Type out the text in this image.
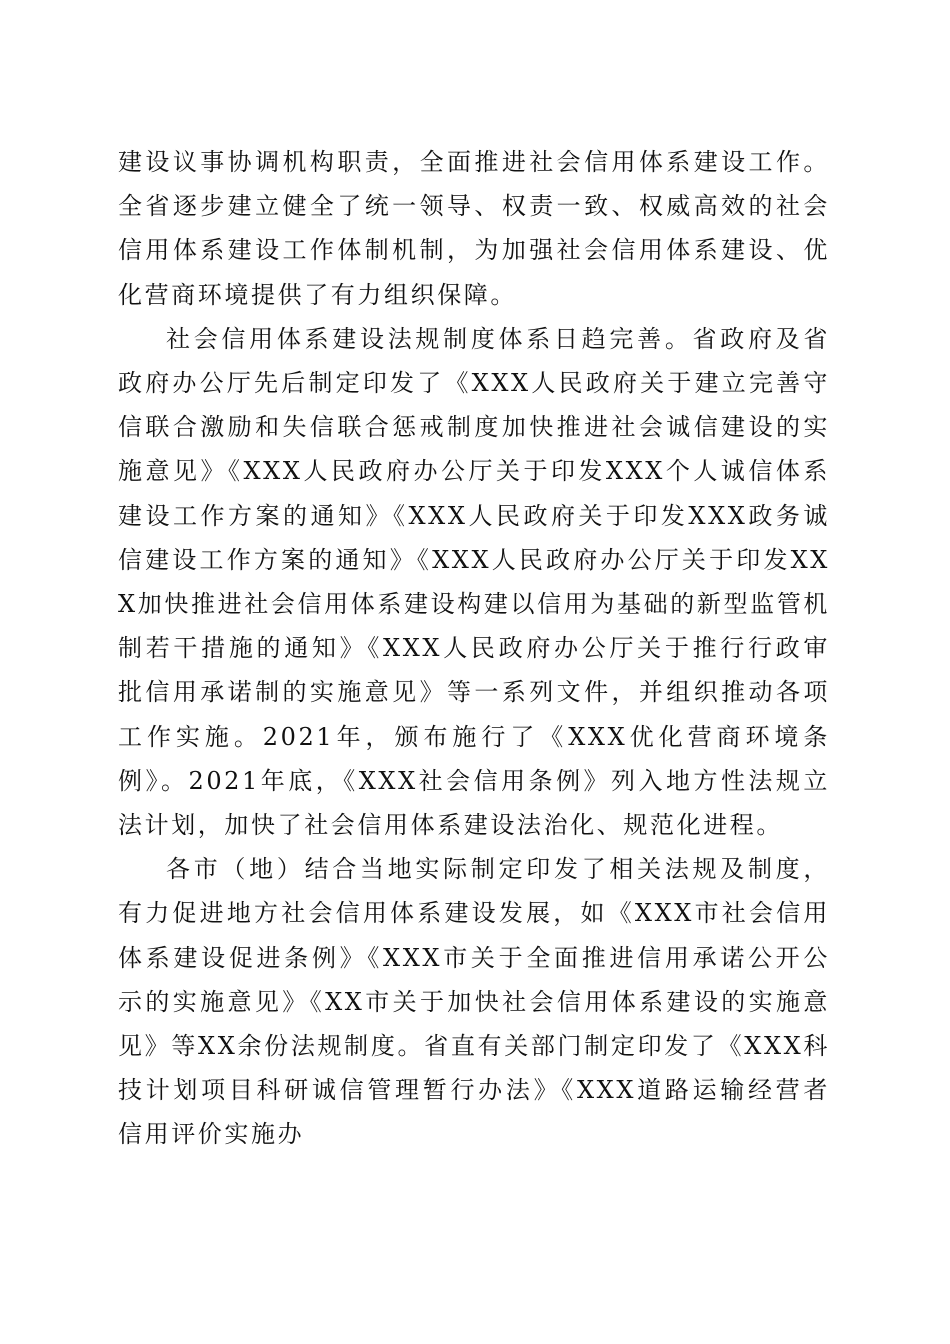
建设议事协调机构职责，全面推进社会信用体系建设工作。全省逐步建立健全了统一领导、权责一致、权威高效的社会信用体系建设工作体制机制，为加强社会信用体系建设、优化营商环境提供了有力组织保障。

社会信用体系建设法规制度体系日趋完善。省政府及省政府办公厅先后制定印发了《XXX人民政府关于建立完善守信联合激励和失信联合惩戒制度加快推进社会诚信建设的实施意见》《XXX人民政府办公厅关于印发XXX个人诚信体系建设工作方案的通知》《XXX人民政府关于印发XXX政务诚信建设工作方案的通知》《XXX人民政府办公厅关于印发XXX加快推进社会信用体系建设构建以信用为基础的新型监管机制若干措施的通知》《XXX人民政府办公厅关于推行行政审批信用承诺制的实施意见》等一系列文件，并组织推动各项工作实施。2021年，颁布施行了《XXX优化营商环境条例》。2021年底，《XXX社会信用条例》列入地方性法规立法计划，加快了社会信用体系建设法治化、规范化进程。

各市（地）结合当地实际制定印发了相关法规及制度，有力促进地方社会信用体系建设发展，如《XXX市社会信用体系建设促进条例》《XXX市关于全面推进信用承诺公开公示的实施意见》《XX市关于加快社会信用体系建设的实施意见》等XX余份法规制度。省直有关部门制定印发了《XXX科技计划项目科研诚信管理暂行办法》《XXX道路运输经营者信用评价实施办
